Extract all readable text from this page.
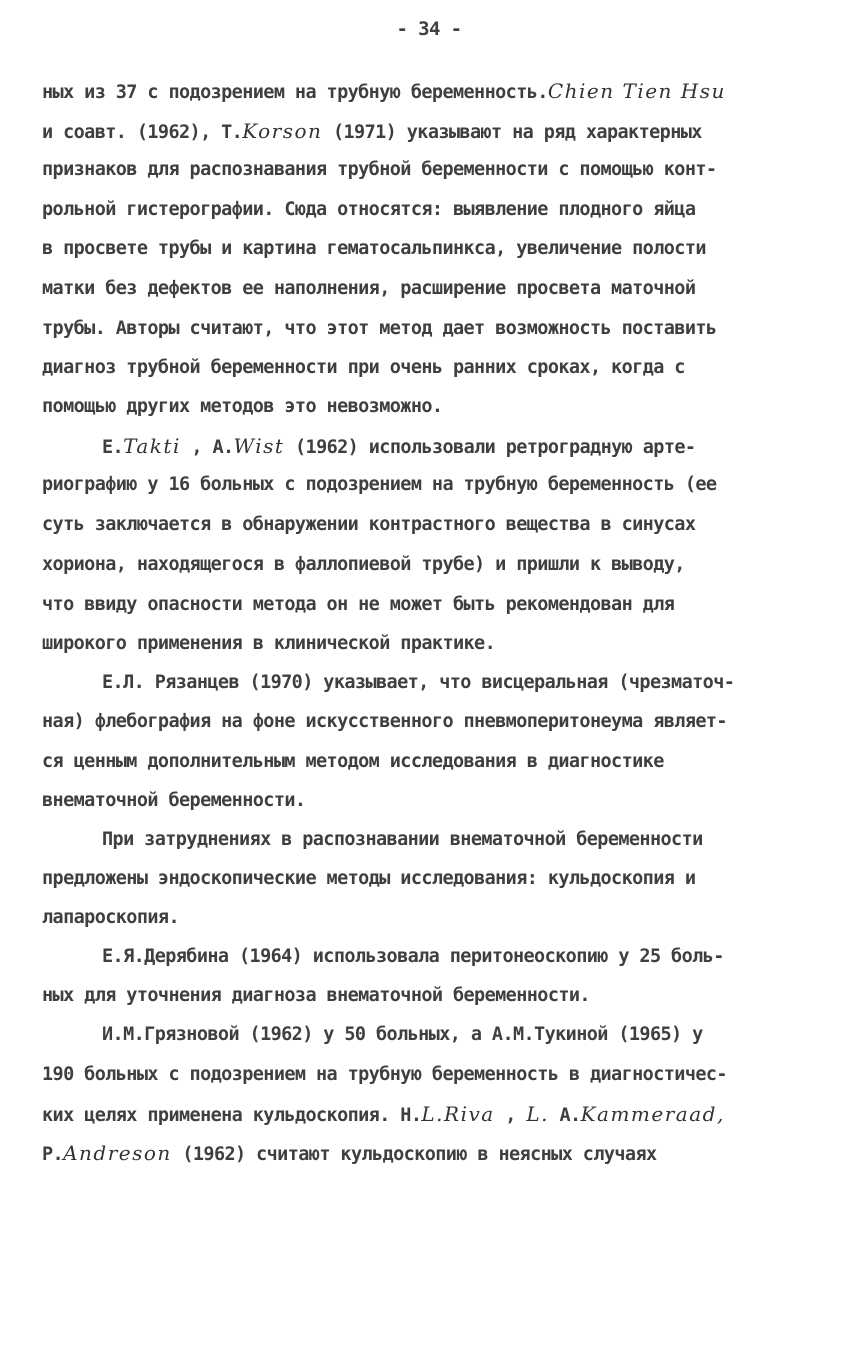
- 34 -
ных из 37 с подозрением на трубную беременность.Chien Tien Hsu
и соавт. (1962), Т.Korson (1971) указывают на ряд характерных
признаков для распознавания трубной беременности с помощью конт-
рольной гистерографии. Сюда относятся: выявление плодного яйца
в просвете трубы и картина гематосальпинкса, увеличение полости
матки без дефектов ее наполнения, расширение просвета маточной
трубы. Авторы считают, что этот метод дает возможность поставить
диагноз трубной беременности при очень ранних сроках, когда с
помощью других методов это невозможно.
Е.Takti , А.Wist (1962) использовали ретроградную арте-
риографию у 16 больных с подозрением на трубную беременность (ее
суть заключается в обнаружении контрастного вещества в синусах
хориона, находящегося в фаллопиевой трубе) и пришли к выводу,
что ввиду опасности метода он не может быть рекомендован для
широкого применения в клинической практике.
Е.Л. Рязанцев (1970) указывает, что висцеральная (чрезматоч-
ная) флебография на фоне искусственного пневмоперитонеума являет-
ся ценным дополнительным методом исследования в диагностике
внематочной беременности.
При затруднениях в распознавании внематочной беременности
предложены эндоскопические методы исследования: кульдоскопия и
лапароскопия.
Е.Я.Дерябина (1964) использовала перитонеоскопию у 25 боль-
ных для уточнения диагноза внематочной беременности.
И.М.Грязновой (1962) у 50 больных, а А.М.Тукиной (1965) у
190 больных с подозрением на трубную беременность в диагностичес-
ких целях применена кульдоскопия. Н.L.Riva , L. А.Kammeraad,
Р.Andreson (1962) считают кульдоскопию в неясных случаях
